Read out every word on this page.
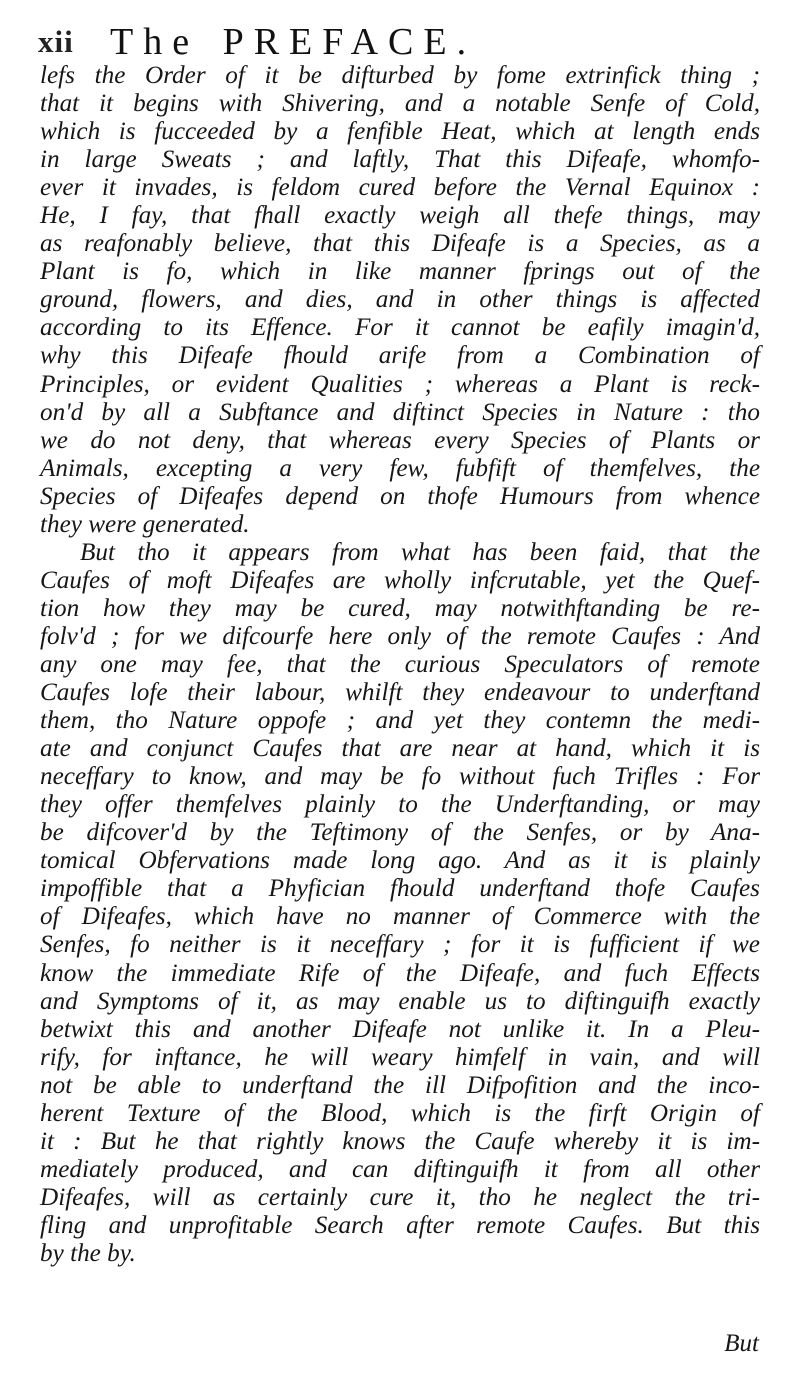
xii The PREFACE.
lefs the Order of it be difturbed by fome extrinfick thing ;
that it begins with Shivering, and a notable Senfe of Cold,
which is fucceeded by a fenfible Heat, which at length ends
in large Sweats ; and laftly, That this Difeafe, whomfo-
ever it invades, is feldom cured before the Vernal Equinox :
He, I fay, that fhall exactly weigh all thefe things, may
as reafonably believe, that this Difeafe is a Species, as a
Plant is fo, which in like manner fprings out of the
ground, flowers, and dies, and in other things is affected
according to its Effence. For it cannot be eafily imagin'd,
why this Difeafe fhould arife from a Combination of
Principles, or evident Qualities ; whereas a Plant is reck-
on'd by all a Subftance and diftinct Species in Nature : tho
we do not deny, that whereas every Species of Plants or
Animals, excepting a very few, fubfift of themfelves, the
Species of Difeafes depend on thofe Humours from whence
they were generated.
But tho it appears from what has been faid, that the
Caufes of moft Difeafes are wholly infcrutable, yet the Quef-
tion how they may be cured, may notwithftanding be re-
folv'd ; for we difcourfe here only of the remote Caufes : And
any one may fee, that the curious Speculators of remote
Caufes lofe their labour, whilft they endeavour to underftand
them, tho Nature oppofe ; and yet they contemn the medi-
ate and conjunct Caufes that are near at hand, which it is
neceffary to know, and may be fo without fuch Trifles : For
they offer themfelves plainly to the Underftanding, or may
be difcover'd by the Teftimony of the Senfes, or by Ana-
tomical Obfervations made long ago. And as it is plainly
impoffible that a Phyfician fhould underftand thofe Caufes
of Difeafes, which have no manner of Commerce with the
Senfes, fo neither is it neceffary ; for it is fufficient if we
know the immediate Rife of the Difeafe, and fuch Effects
and Symptoms of it, as may enable us to diftinguifh exactly
betwixt this and another Difeafe not unlike it. In a Pleu-
rify, for inftance, he will weary himfelf in vain, and will
not be able to underftand the ill Difpofition and the inco-
herent Texture of the Blood, which is the firft Origin of
it : But he that rightly knows the Caufe whereby it is im-
mediately produced, and can diftinguifh it from all other
Difeafes, will as certainly cure it, tho he neglect the tri-
fling and unprofitable Search after remote Caufes. But this
by the by.
But
